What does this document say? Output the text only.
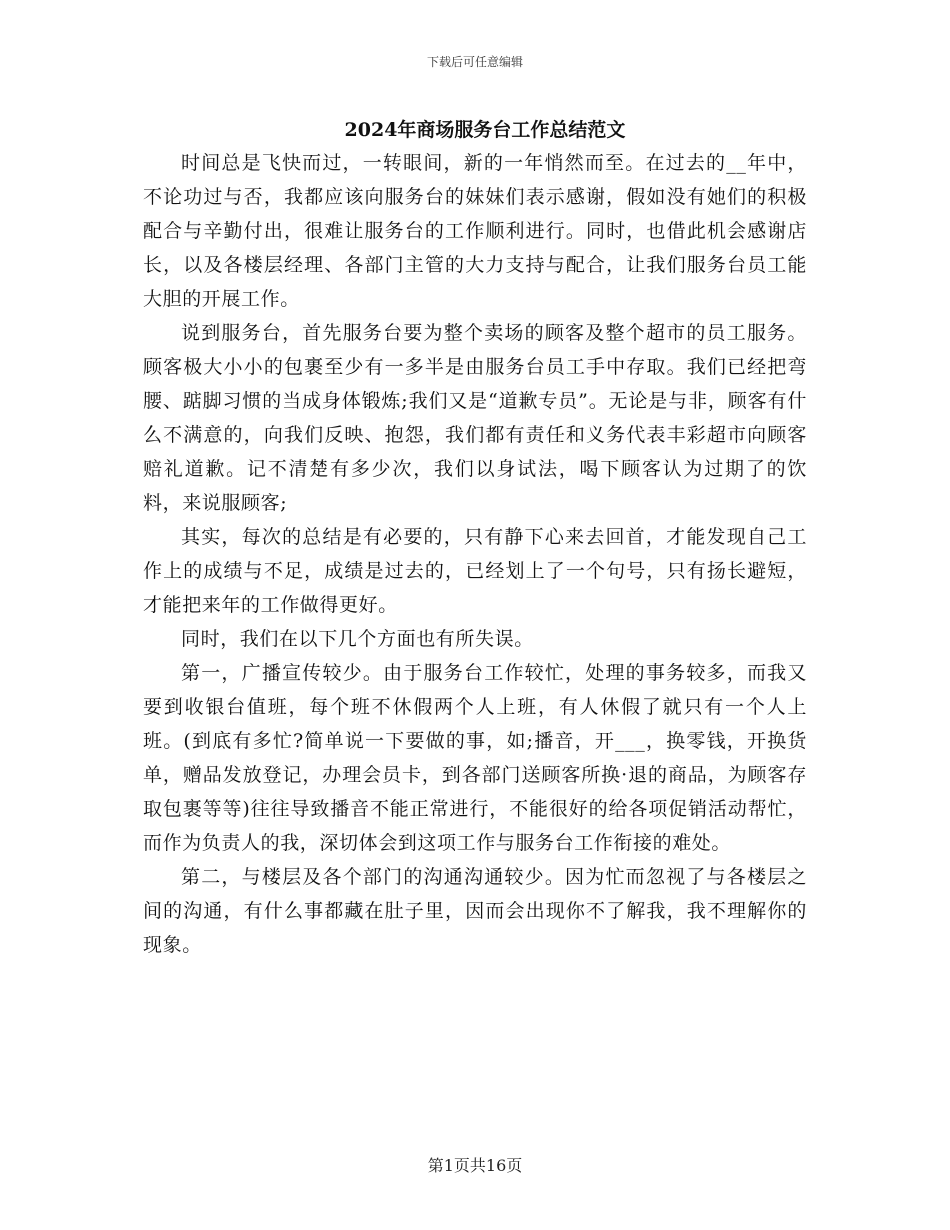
下载后可任意编辑
2024年商场服务台工作总结范文

时间总是飞快而过，一转眼间，新的一年悄然而至。在过去的__年中，不论功过与否，我都应该向服务台的妹妹们表示感谢，假如没有她们的积极配合与辛勤付出，很难让服务台的工作顺利进行。同时，也借此机会感谢店长，以及各楼层经理、各部门主管的大力支持与配合，让我们服务台员工能大胆的开展工作。

说到服务台，首先服务台要为整个卖场的顾客及整个超市的员工服务。顾客极大小小的包裹至少有一多半是由服务台员工手中存取。我们已经把弯腰、踮脚习惯的当成身体锻炼;我们又是“道歉专员”。无论是与非，顾客有什么不满意的，向我们反映、抱怨，我们都有责任和义务代表丰彩超市向顾客赔礼道歉。记不清楚有多少次，我们以身试法，喝下顾客认为过期了的饮料，来说服顾客;

其实，每次的总结是有必要的，只有静下心来去回首，才能发现自己工作上的成绩与不足，成绩是过去的，已经划上了一个句号，只有扬长避短，才能把来年的工作做得更好。

同时，我们在以下几个方面也有所失误。

第一，广播宣传较少。由于服务台工作较忙，处理的事务较多，而我又要到收银台值班，每个班不休假两个人上班，有人休假了就只有一个人上班。(到底有多忙?简单说一下要做的事，如;播音，开___，换零钱，开换货单，赠品发放登记，办理会员卡，到各部门送顾客所换·退的商品，为顾客存取包裹等等)往往导致播音不能正常进行，不能很好的给各项促销活动帮忙，而作为负责人的我，深切体会到这项工作与服务台工作衔接的难处。

第二，与楼层及各个部门的沟通沟通较少。因为忙而忽视了与各楼层之间的沟通，有什么事都藏在肚子里，因而会出现你不了解我，我不理解你的现象。

第1页共16页
